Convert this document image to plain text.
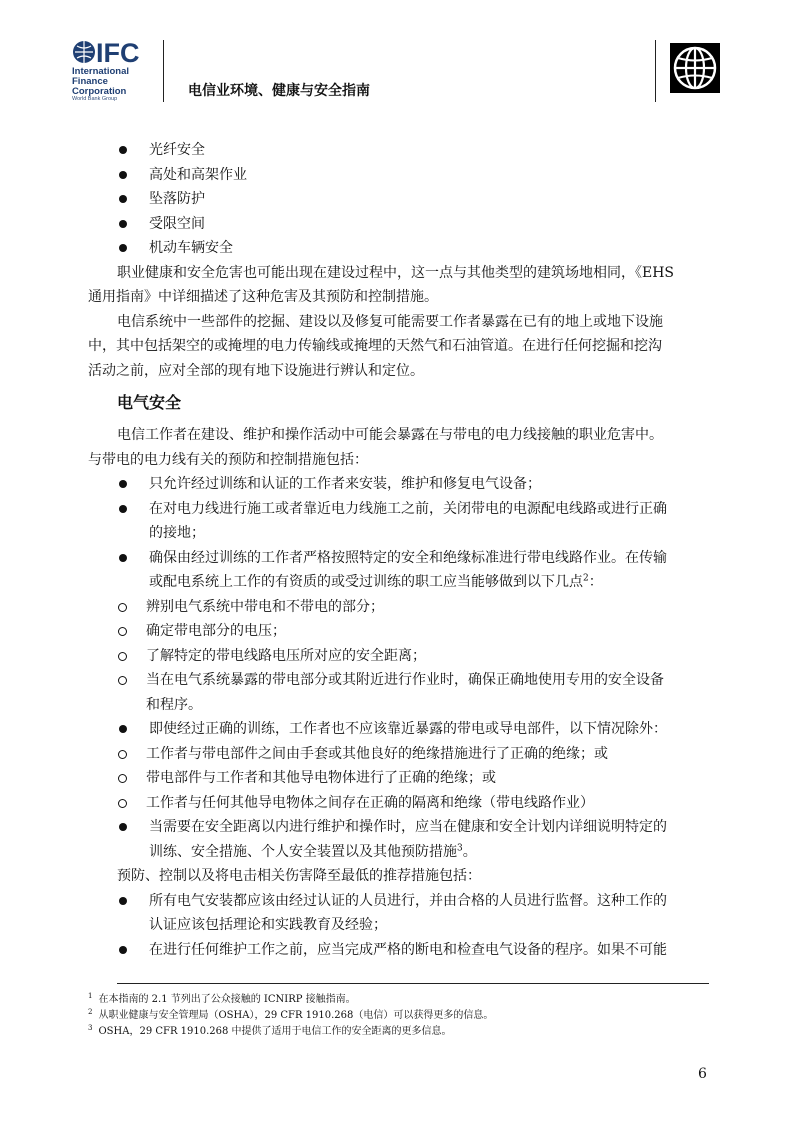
IFC
International
Finance
Corporation
World Bank Group	电信业环境、健康与安全指南
光纤安全
高处和高架作业
坠落防护
受限空间
机动车辆安全
职业健康和安全危害也可能出现在建设过程中，这一点与其他类型的建筑场地相同，《EHS
通用指南》中详细描述了这种危害及其预防和控制措施。
电信系统中一些部件的挖掘、建设以及修复可能需要工作者暴露在已有的地上或地下设施
中，其中包括架空的或掩埋的电力传输线或掩埋的天然气和石油管道。在进行任何挖掘和挖沟
活动之前，应对全部的现有地下设施进行辨认和定位。
电气安全
电信工作者在建设、维护和操作活动中可能会暴露在与带电的电力线接触的职业危害中。
与带电的电力线有关的预防和控制措施包括：
只允许经过训练和认证的工作者来安装，维护和修复电气设备；
在对电力线进行施工或者靠近电力线施工之前，关闭带电的电源配电线路或进行正确
的接地；
确保由经过训练的工作者严格按照特定的安全和绝缘标准进行带电线路作业。在传输
或配电系统上工作的有资质的或受过训练的职工应当能够做到以下几点$^2$：
辨别电气系统中带电和不带电的部分；
确定带电部分的电压；
了解特定的带电线路电压所对应的安全距离；
当在电气系统暴露的带电部分或其附近进行作业时，确保正确地使用专用的安全设备
和程序。
即使经过正确的训练，工作者也不应该靠近暴露的带电或导电部件，以下情况除外：
工作者与带电部件之间由手套或其他良好的绝缘措施进行了正确的绝缘；或
带电部件与工作者和其他导电物体进行了正确的绝缘；或
工作者与任何其他导电物体之间存在正确的隔离和绝缘（带电线路作业）
当需要在安全距离以内进行维护和操作时，应当在健康和安全计划内详细说明特定的
训练、安全措施、个人安全装置以及其他预防措施$^3$。
预防、控制以及将电击相关伤害降至最低的推荐措施包括：
所有电气安装都应该由经过认证的人员进行，并由合格的人员进行监督。这种工作的
认证应该包括理论和实践教育及经验；
在进行任何维护工作之前，应当完成严格的断电和检查电气设备的程序。如果不可能
$^1$ 在本指南的 2.1 节列出了公众接触的 ICNIRP 接触指南。
$^2$ 从职业健康与安全管理局（OSHA），29 CFR 1910.268（电信）可以获得更多的信息。
$^3$ OSHA，29 CFR 1910.268 中提供了适用于电信工作的安全距离的更多信息。
6
